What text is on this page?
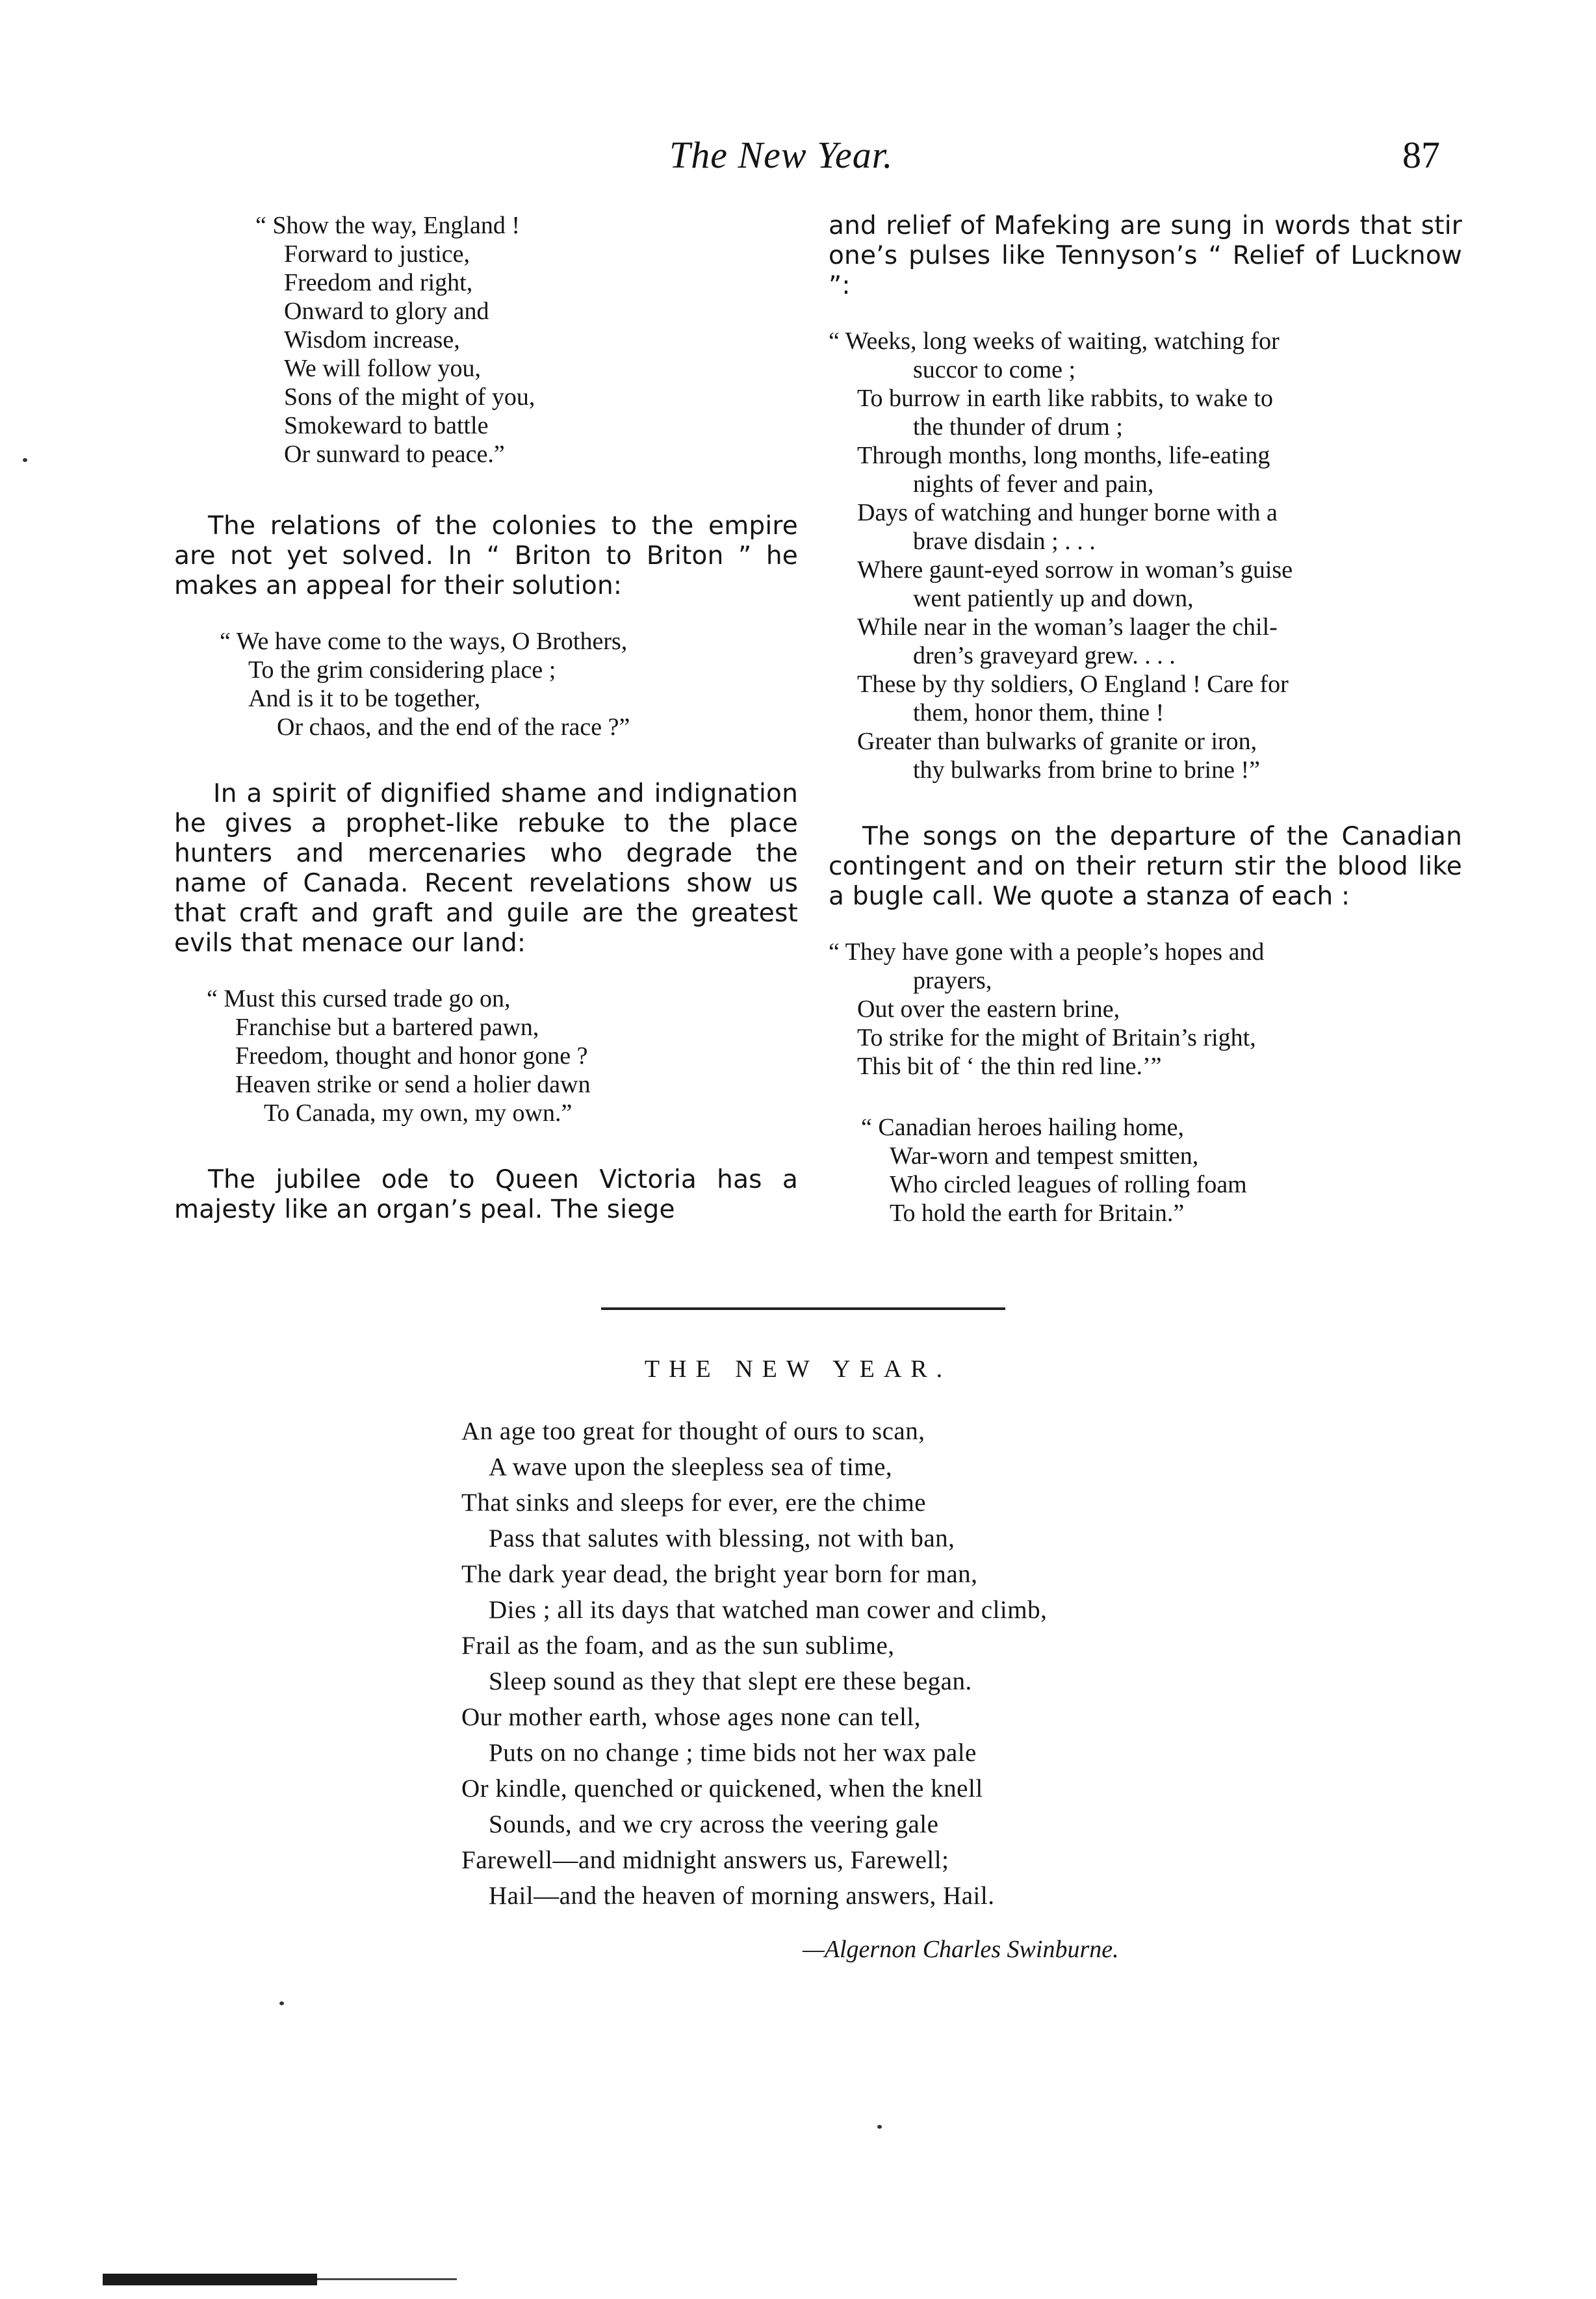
The New Year.	87
“ Show the way, England !
Forward to justice,
Freedom and right,
Onward to glory and
Wisdom increase,
We will follow you,
Sons of the might of you,
Smokeward to battle
Or sunward to peace.”

The relations of the colonies to the empire are not yet solved. In “ Briton to Briton ” he makes an appeal for their solution:

“ We have come to the ways, O Brothers,
To the grim considering place ;
And is it to be together,
Or chaos, and the end of the race ?”

In a spirit of dignified shame and indignation he gives a prophet-like rebuke to the place hunters and mercenaries who degrade the name of Canada. Recent revelations show us that craft and graft and guile are the greatest evils that menace our land:

“ Must this cursed trade go on,
Franchise but a bartered pawn,
Freedom, thought and honor gone ?
Heaven strike or send a holier dawn
To Canada, my own, my own.”

The jubilee ode to Queen Victoria has a majesty like an organ’s peal. The siege

and relief of Mafeking are sung in words that stir one’s pulses like Tennyson’s “ Relief of Lucknow ”:

“ Weeks, long weeks of waiting, watching for
succor to come ;
To burrow in earth like rabbits, to wake to
the thunder of drum ;
Through months, long months, life-eating
nights of fever and pain,
Days of watching and hunger borne with a
brave disdain ; . . .
Where gaunt-eyed sorrow in woman’s guise
went patiently up and down,
While near in the woman’s laager the chil-
dren’s graveyard grew. . . .
These by thy soldiers, O England ! Care for
them, honor them, thine !
Greater than bulwarks of granite or iron,
thy bulwarks from brine to brine !”

The songs on the departure of the Canadian contingent and on their return stir the blood like a bugle call. We quote a stanza of each :

“ They have gone with a people’s hopes and
prayers,
Out over the eastern brine,
To strike for the might of Britain’s right,
This bit of ‘ the thin red line.’”
“ Canadian heroes hailing home,
War-worn and tempest smitten,
Who circled leagues of rolling foam
To hold the earth for Britain.”
THE NEW YEAR.
An age too great for thought of ours to scan,
A wave upon the sleepless sea of time,
That sinks and sleeps for ever, ere the chime
Pass that salutes with blessing, not with ban,
The dark year dead, the bright year born for man,
Dies ; all its days that watched man cower and climb,
Frail as the foam, and as the sun sublime,
Sleep sound as they that slept ere these began.
Our mother earth, whose ages none can tell,
Puts on no change ; time bids not her wax pale
Or kindle, quenched or quickened, when the knell
Sounds, and we cry across the veering gale
Farewell—and midnight answers us, Farewell;
Hail—and the heaven of morning answers, Hail.
—Algernon Charles Swinburne.
